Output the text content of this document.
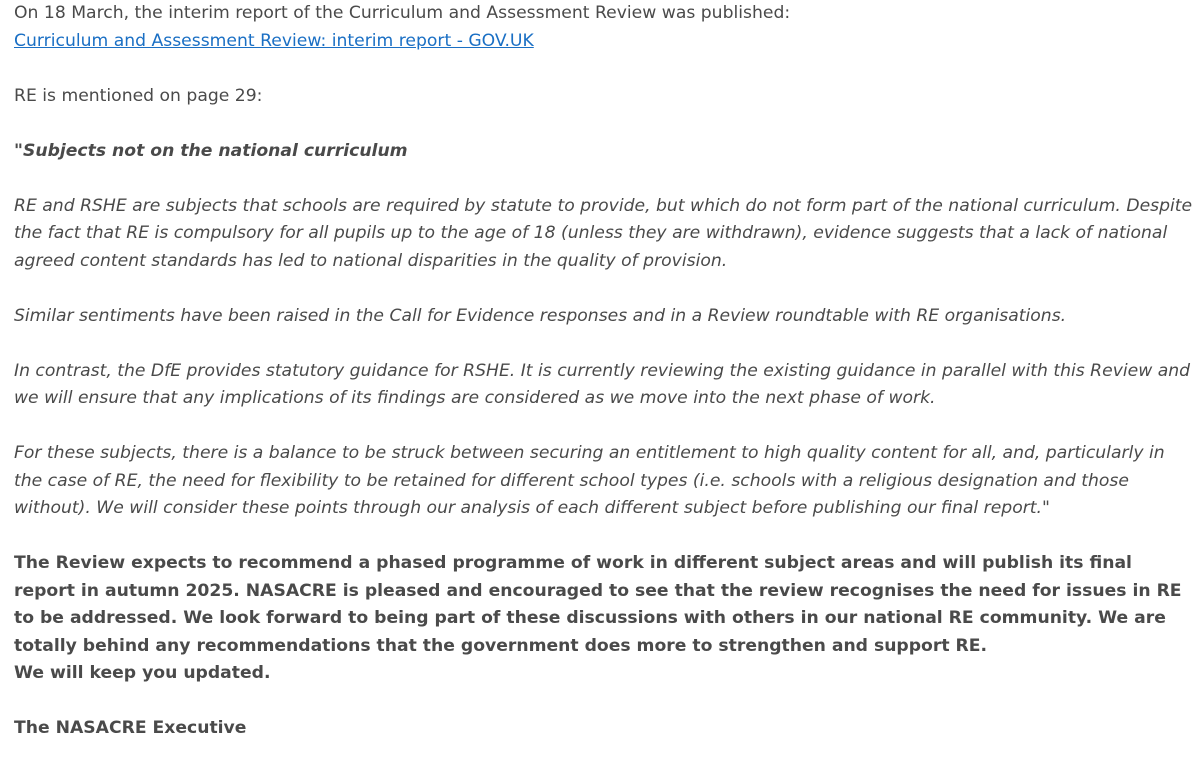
On 18 March, the interim report of the Curriculum and Assessment Review was published:

Curriculum and Assessment Review: interim report - GOV.UK

RE is mentioned on page 29:

"Subjects not on the national curriculum

RE and RSHE are subjects that schools are required by statute to provide, but which do not form part of the national curriculum. Despite the fact that RE is compulsory for all pupils up to the age of 18 (unless they are withdrawn), evidence suggests that a lack of national agreed content standards has led to national disparities in the quality of provision.

Similar sentiments have been raised in the Call for Evidence responses and in a Review roundtable with RE organisations.

In contrast, the DfE provides statutory guidance for RSHE. It is currently reviewing the existing guidance in parallel with this Review and we will ensure that any implications of its findings are considered as we move into the next phase of work.

For these subjects, there is a balance to be struck between securing an entitlement to high quality content for all, and, particularly in the case of RE, the need for flexibility to be retained for different school types (i.e. schools with a religious designation and those without). We will consider these points through our analysis of each different subject before publishing our final report."

The Review expects to recommend a phased programme of work in different subject areas and will publish its final report in autumn 2025. NASACRE is pleased and encouraged to see that the review recognises the need for issues in RE to be addressed. We look forward to being part of these discussions with others in our national RE community. We are totally behind any recommendations that the government does more to strengthen and support RE.

We will keep you updated.

The NASACRE Executive
